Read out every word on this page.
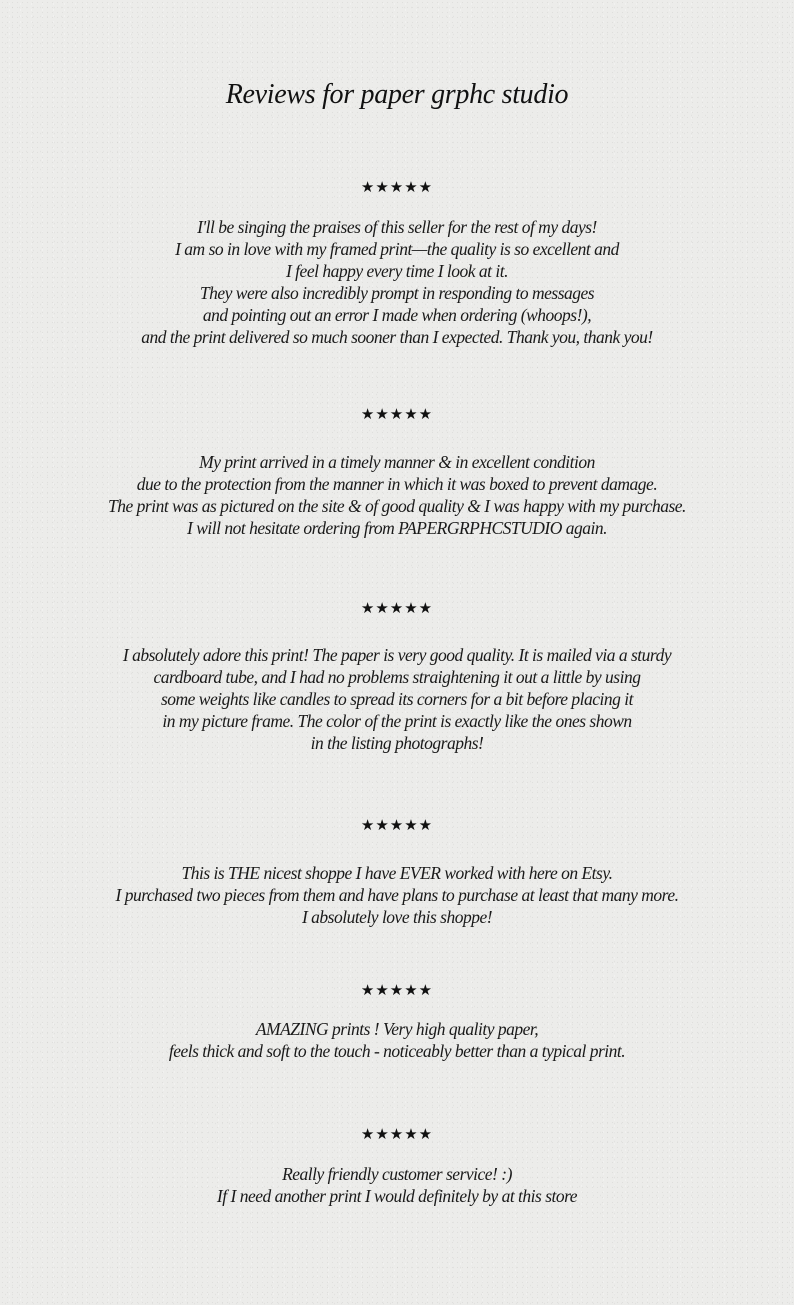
Reviews for paper grphc studio
★★★★★
I'll be singing the praises of this seller for the rest of my days!
I am so in love with my framed print—the quality is so excellent and
I feel happy every time I look at it.
They were also incredibly prompt in responding to messages
and pointing out an error I made when ordering (whoops!),
and the print delivered so much sooner than I expected. Thank you, thank you!
★★★★★
My print arrived in a timely manner & in excellent condition
due to the protection from the manner in which it was boxed to prevent damage.
The print was as pictured on the site & of good quality & I was happy with my purchase.
I will not hesitate ordering from PAPERGRPHCSTUDIO again.
★★★★★
I absolutely adore this print! The paper is very good quality. It is mailed via a sturdy
cardboard tube, and I had no problems straightening it out a little by using
some weights like candles to spread its corners for a bit before placing it
in my picture frame. The color of the print is exactly like the ones shown
in the listing photographs!
★★★★★
This is THE nicest shoppe I have EVER worked with here on Etsy.
I purchased two pieces from them and have plans to purchase at least that many more.
I absolutely love this shoppe!
★★★★★
AMAZING prints ! Very high quality paper,
feels thick and soft to the touch - noticeably better than a typical print.
★★★★★
Really friendly customer service! :)
If I need another print I would definitely by at this store
